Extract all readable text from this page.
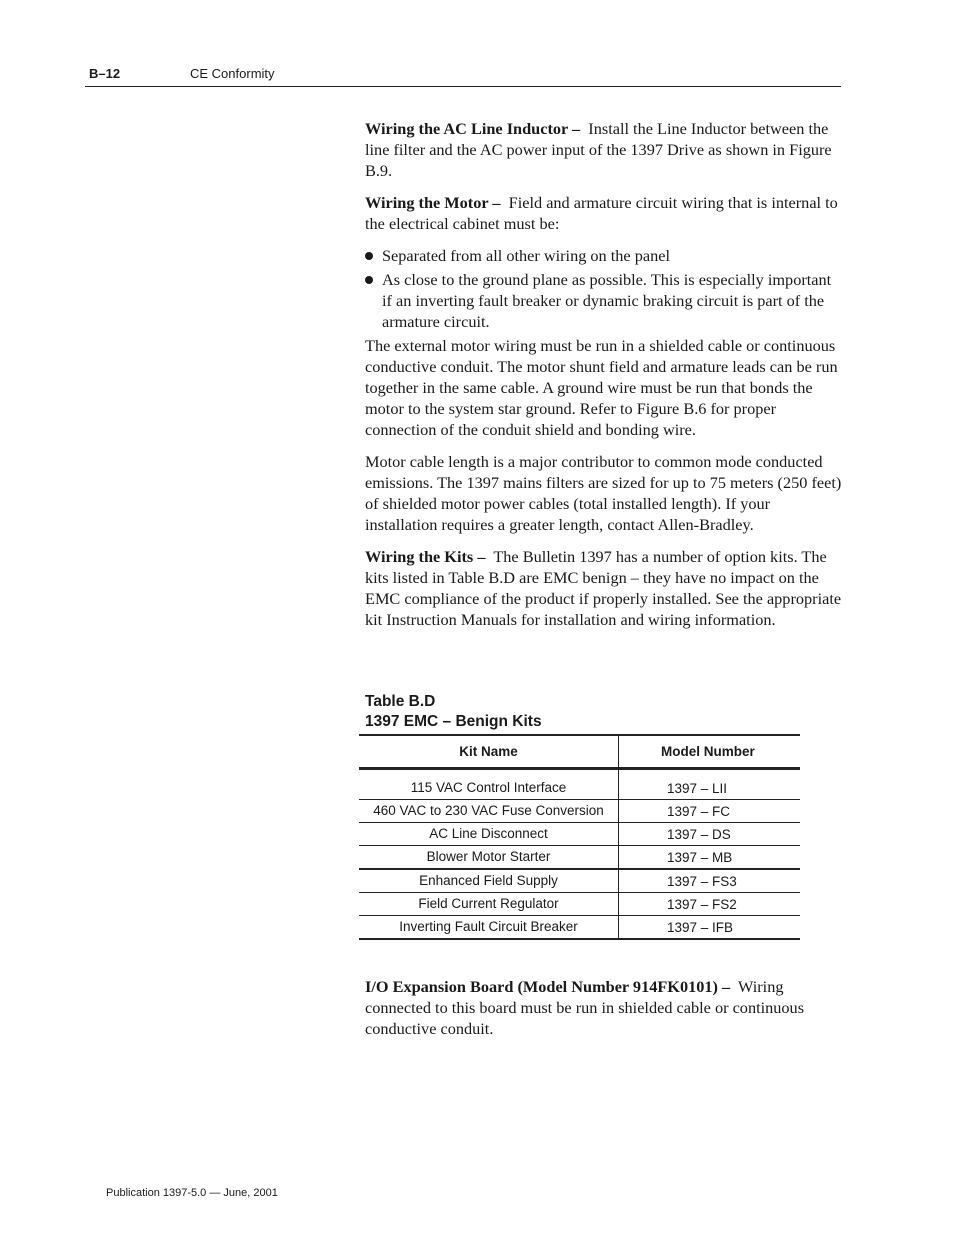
B–12	CE Conformity

Wiring the AC Line Inductor – Install the Line Inductor between the line filter and the AC power input of the 1397 Drive as shown in Figure B.9.

Wiring the Motor – Field and armature circuit wiring that is internal to the electrical cabinet must be:

Separated from all other wiring on the panel
As close to the ground plane as possible. This is especially important if an inverting fault breaker or dynamic braking circuit is part of the armature circuit.

The external motor wiring must be run in a shielded cable or continuous conductive conduit. The motor shunt field and armature leads can be run together in the same cable. A ground wire must be run that bonds the motor to the system star ground. Refer to Figure B.6 for proper connection of the conduit shield and bonding wire.

Motor cable length is a major contributor to common mode conducted emissions. The 1397 mains filters are sized for up to 75 meters (250 feet) of shielded motor power cables (total installed length). If your installation requires a greater length, contact Allen-Bradley.

Wiring the Kits – The Bulletin 1397 has a number of option kits. The kits listed in Table B.D are EMC benign – they have no impact on the EMC compliance of the product if properly installed. See the appropriate kit Instruction Manuals for installation and wiring information.

Table B.D
1397 EMC – Benign Kits
Kit Name	Model Number
115 VAC Control Interface	1397 – LII
460 VAC to 230 VAC Fuse Conversion	1397 – FC
AC Line Disconnect	1397 – DS
Blower Motor Starter	1397 – MB
Enhanced Field Supply	1397 – FS3
Field Current Regulator	1397 – FS2
Inverting Fault Circuit Breaker	1397 – IFB

I/O Expansion Board (Model Number 914FK0101) – Wiring connected to this board must be run in shielded cable or continuous conductive conduit.

Publication 1397-5.0 — June, 2001
